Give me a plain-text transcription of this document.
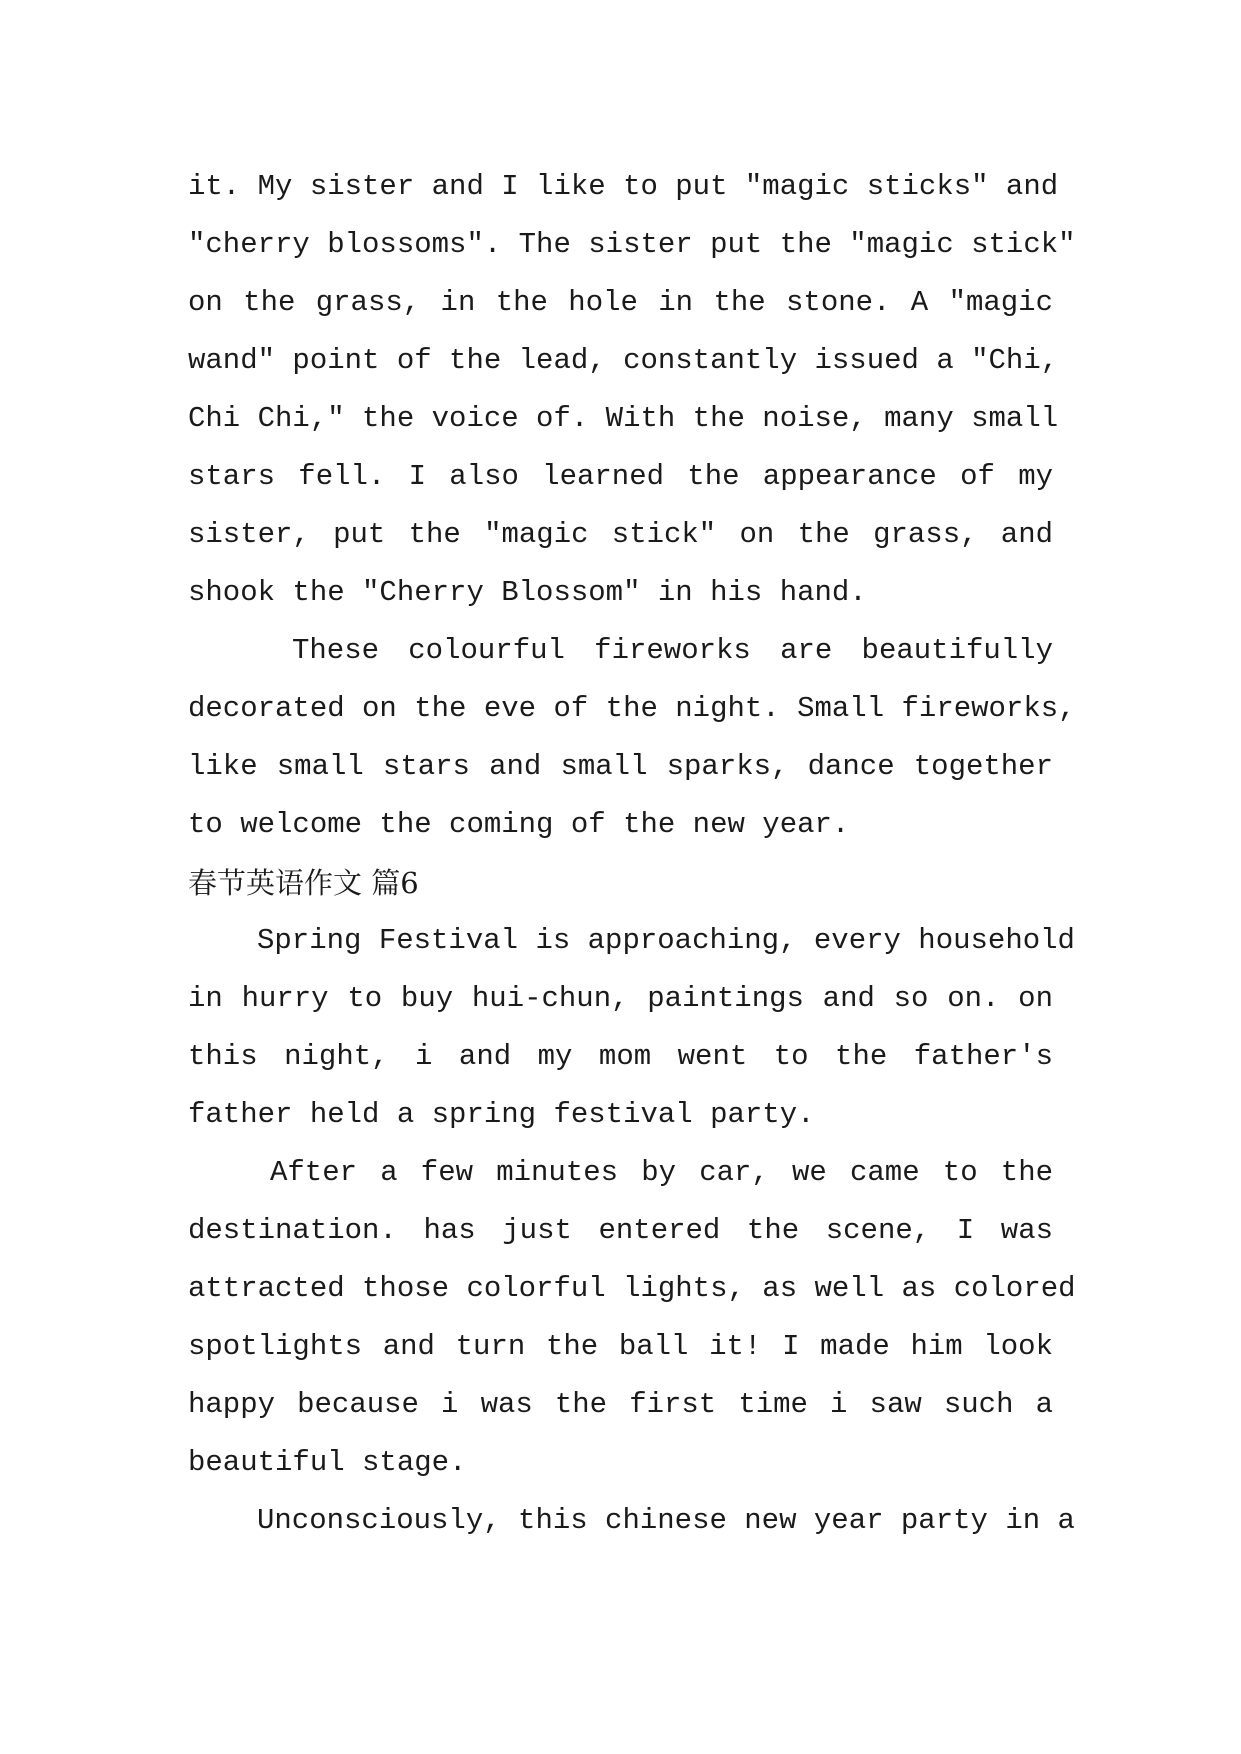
it. My sister and I like to put "magic sticks" and
"cherry blossoms". The sister put the "magic stick"
on the grass, in the hole in the stone. A "magic
wand" point of the lead, constantly issued a "Chi,
Chi Chi," the voice of. With the noise, many small
stars fell. I also learned the appearance of my
sister, put the "magic stick" on the grass, and
shook the "Cherry Blossom" in his hand.
These colourful fireworks are beautifully
decorated on the eve of the night. Small fireworks,
like small stars and small sparks, dance together
to welcome the coming of the new year.
春节英语作文 篇6
Spring Festival is approaching, every household
in hurry to buy hui-chun, paintings and so on. on
this night, i and my mom went to the father's
father held a spring festival party.
After a few minutes by car, we came to the
destination. has just entered the scene, I was
attracted those colorful lights, as well as colored
spotlights and turn the ball it! I made him look
happy because i was the first time i saw such a
beautiful stage.
Unconsciously, this chinese new year party in a
